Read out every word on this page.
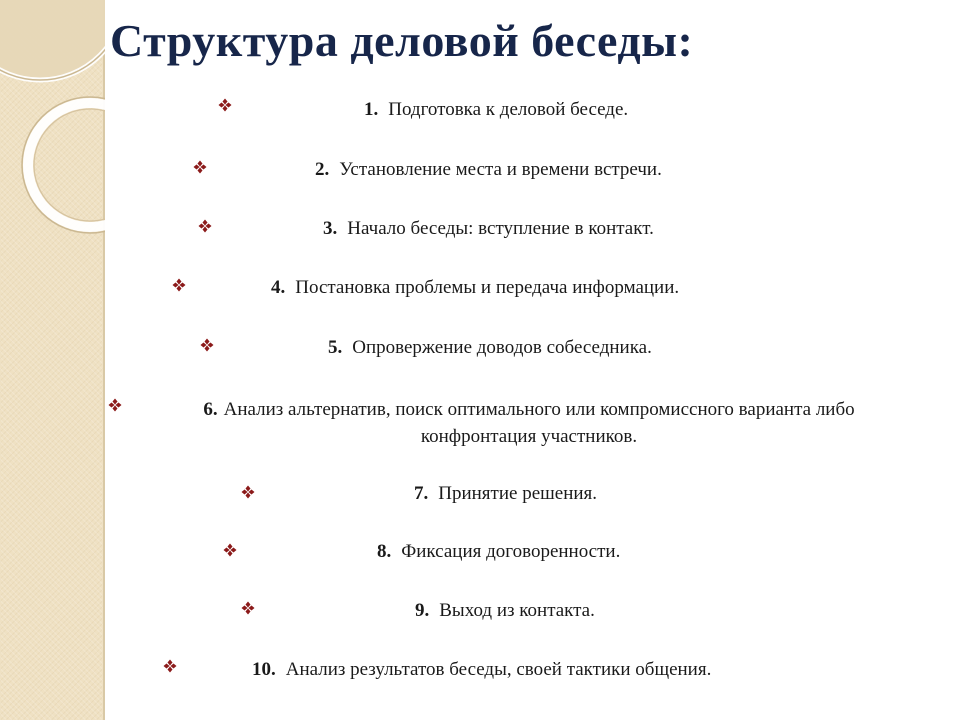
Структура деловой беседы:
1. Подготовка к деловой беседе.
2. Установление места и времени встречи.
3. Начало беседы: вступление в контакт.
4. Постановка проблемы и передача информации.
5. Опровержение доводов собеседника.
6. Анализ альтернатив, поиск оптимального или компромиссного варианта либо
конфронтация участников.
7. Принятие решения.
8. Фиксация договоренности.
9. Выход из контакта.
10. Анализ результатов беседы, своей тактики общения.
